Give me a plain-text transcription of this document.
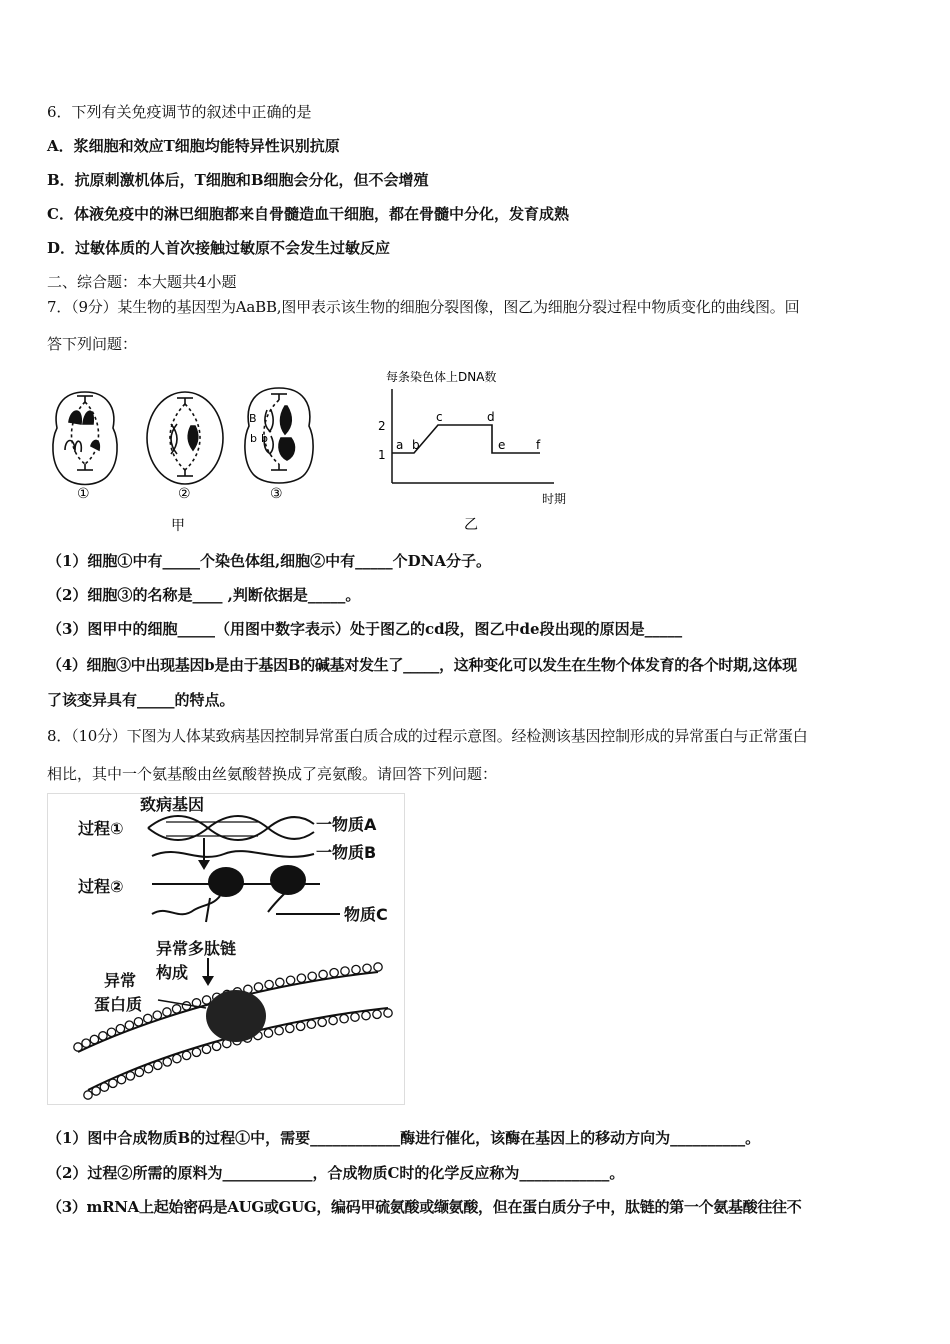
6．下列有关免疫调节的叙述中正确的是
A．浆细胞和效应T细胞均能特异性识别抗原
B．抗原刺激机体后，T细胞和B细胞会分化，但不会增殖
C．体液免疫中的淋巴细胞都来自骨髓造血干细胞，都在骨髓中分化，发育成熟
D．过敏体质的人首次接触过敏原不会发生过敏反应
二、综合题：本大题共4小题
7．（9分）某生物的基因型为AaBB,图甲表示该生物的细胞分裂图像，图乙为细胞分裂过程中物质变化的曲线图。回
答下列问题：
①	②
B
b b
③
甲
每条染色体上DNA数
2
1
a b
c	d
e	f
时期
乙
（1）细胞①中有_____个染色体组,细胞②中有_____个DNA分子。
（2）细胞③的名称是____ ,判断依据是_____。
（3）图甲中的细胞_____（用图中数字表示）处于图乙的cd段，图乙中de段出现的原因是_____
（4）细胞③中出现基因b是由于基因B的碱基对发生了_____，这种变化可以发生在生物个体发育的各个时期,这体现
了该变异具有_____的特点。
8．（10分）下图为人体某致病基因控制异常蛋白质合成的过程示意图。经检测该基因控制形成的异常蛋白与正常蛋白
相比，其中一个氨基酸由丝氨酸替换成了亮氨酸。请回答下列问题：
致病基因
过程①	一物质A
一物质B
过程②
物质C
异常多肽链
构成
异常
蛋白质
（1）图中合成物质B的过程①中，需要____________酶进行催化，该酶在基因上的移动方向为__________。
（2）过程②所需的原料为____________，合成物质C时的化学反应称为____________。
（3）mRNA上起始密码是AUG或GUG，编码甲硫氨酸或缬氨酸，但在蛋白质分子中，肽链的第一个氨基酸往往不
